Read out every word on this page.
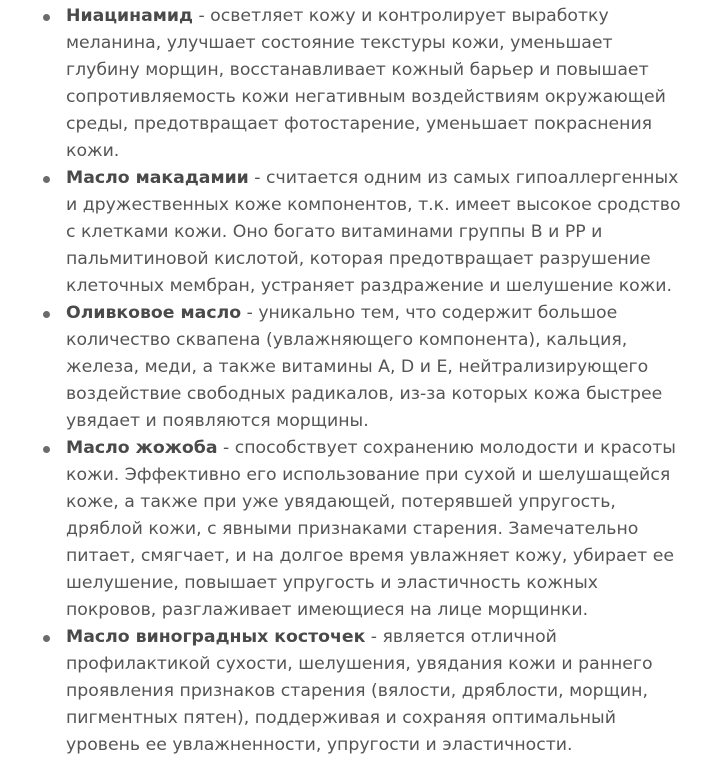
Ниацинамид - осветляет кожу и контролирует выработку меланина, улучшает состояние текстуры кожи, уменьшает глубину морщин, восстанавливает кожный барьер и повышает сопротивляемость кожи негативным воздействиям окружающей среды, предотвращает фотостарение, уменьшает покраснения кожи.
Масло макадамии - считается одним из самых гипоаллергенных и дружественных коже компонентов, т.к. имеет высокое сродство с клетками кожи. Оно богато витаминами группы В и РР и пальмитиновой кислотой, которая предотвращает разрушение клеточных мембран, устраняет раздражение и шелушение кожи.
Оливковое масло - уникально тем, что содержит большое количество сквапена (увлажняющего компонента), кальция, железа, меди, а также витамины А, D и Е, нейтрализирующего воздействие свободных радикалов, из-за которых кожа быстрее увядает и появляются морщины.
Масло жожоба - способствует сохранению молодости и красоты кожи. Эффективно его использование при сухой и шелушащейся коже, а также при уже увядающей, потерявшей упругость, дряблой кожи, с явными признаками старения. Замечательно питает, смягчает, и на долгое время увлажняет кожу, убирает ее шелушение, повышает упругость и эластичность кожных покровов, разглаживает имеющиеся на лице морщинки.
Масло виноградных косточек - является отличной профилактикой сухости, шелушения, увядания кожи и раннего проявления признаков старения (вялости, дряблости, морщин, пигментных пятен), поддерживая и сохраняя оптимальный уровень ее увлажненности, упругости и эластичности.
